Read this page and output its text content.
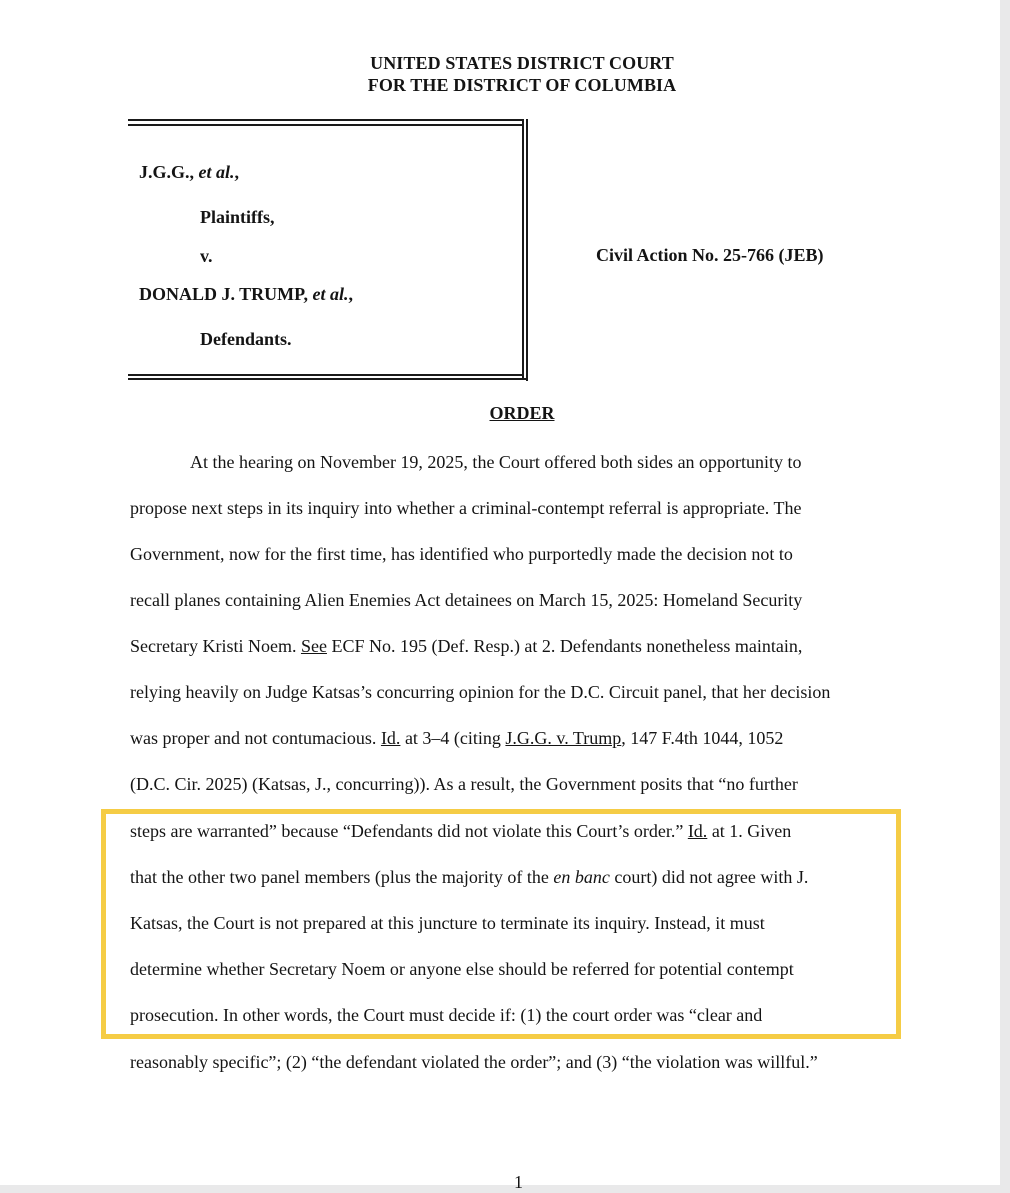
UNITED STATES DISTRICT COURT
FOR THE DISTRICT OF COLUMBIA
J.G.G., et al.,
Plaintiffs,
v.
DONALD J. TRUMP, et al.,
Defendants.
Civil Action No. 25-766 (JEB)
ORDER
At the hearing on November 19, 2025, the Court offered both sides an opportunity to
propose next steps in its inquiry into whether a criminal-contempt referral is appropriate. The
Government, now for the first time, has identified who purportedly made the decision not to
recall planes containing Alien Enemies Act detainees on March 15, 2025: Homeland Security
Secretary Kristi Noem. See ECF No. 195 (Def. Resp.) at 2. Defendants nonetheless maintain,
relying heavily on Judge Katsas’s concurring opinion for the D.C. Circuit panel, that her decision
was proper and not contumacious. Id. at 3–4 (citing J.G.G. v. Trump, 147 F.4th 1044, 1052
(D.C. Cir. 2025) (Katsas, J., concurring)). As a result, the Government posits that “no further
steps are warranted” because “Defendants did not violate this Court’s order.” Id. at 1. Given
that the other two panel members (plus the majority of the en banc court) did not agree with J.
Katsas, the Court is not prepared at this juncture to terminate its inquiry. Instead, it must
determine whether Secretary Noem or anyone else should be referred for potential contempt
prosecution. In other words, the Court must decide if: (1) the court order was “clear and
reasonably specific”; (2) “the defendant violated the order”; and (3) “the violation was willful.”
1
